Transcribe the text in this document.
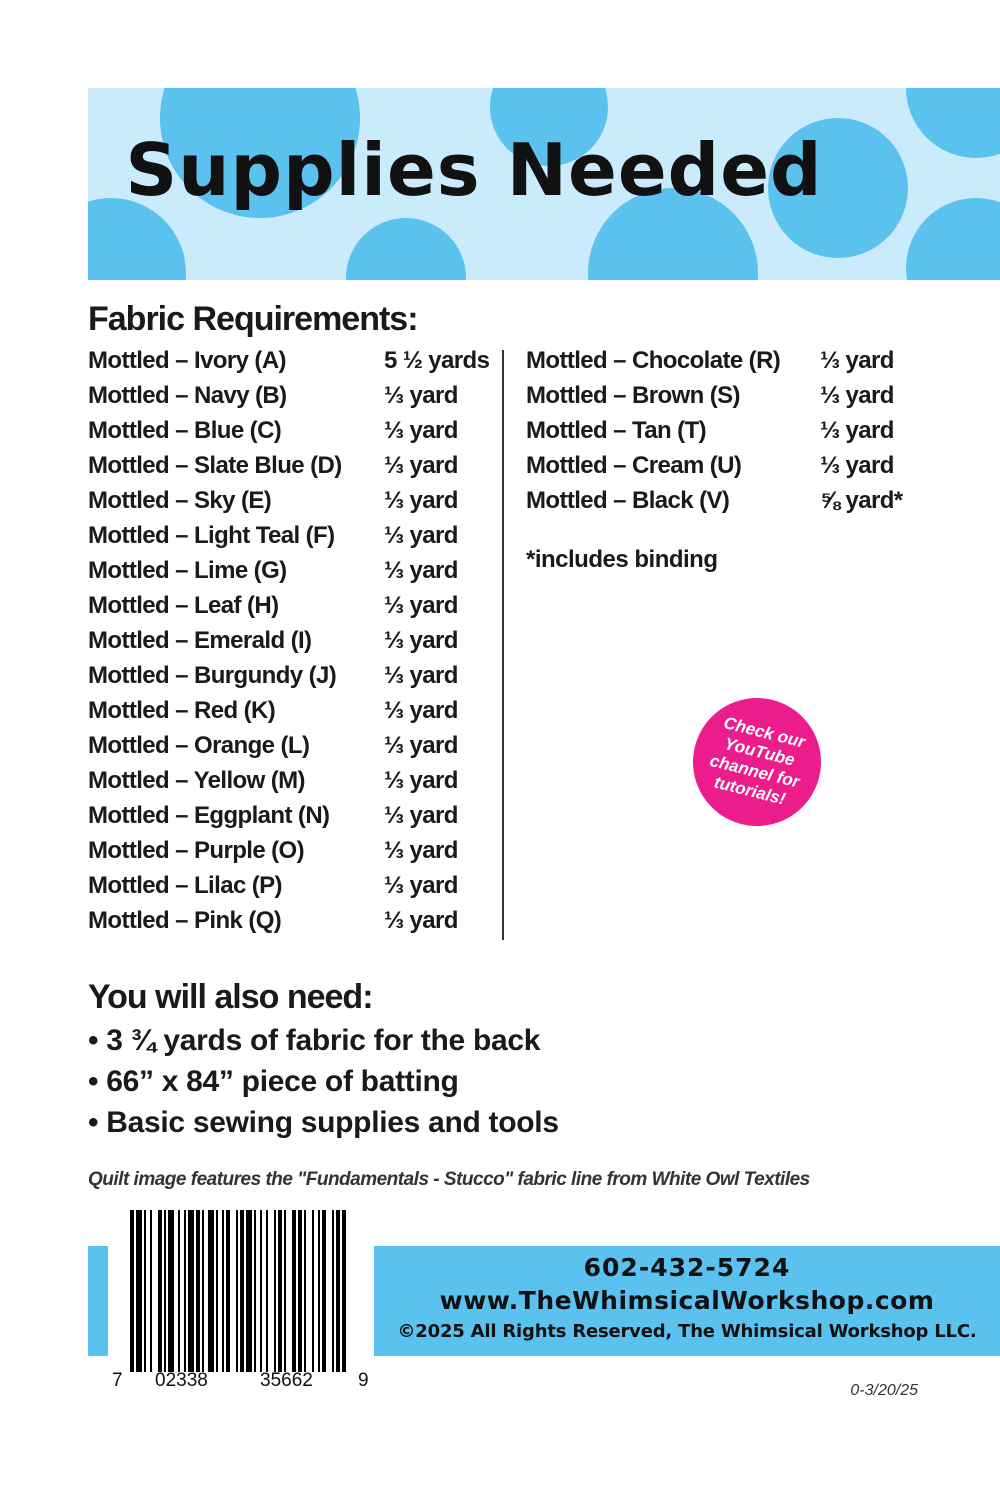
Supplies Needed
Fabric Requirements:
Mottled – Ivory (A)	5 ½ yards
Mottled – Navy (B)	⅓ yard
Mottled – Blue (C)	⅓ yard
Mottled – Slate Blue (D) ⅓ yard
Mottled – Sky (E)	⅓ yard
Mottled – Light Teal (F) ⅓ yard
Mottled – Lime (G)	⅓ yard
Mottled – Leaf (H)	⅓ yard
Mottled – Emerald (I)	⅓ yard
Mottled – Burgundy (J) ⅓ yard
Mottled – Red (K)	⅓ yard
Mottled – Orange (L)	⅓ yard
Mottled – Yellow (M)	⅓ yard
Mottled – Eggplant (N) ⅓ yard
Mottled – Purple (O)	⅓ yard
Mottled – Lilac (P)	⅓ yard
Mottled – Pink (Q)	⅓ yard
Mottled – Chocolate (R) ⅓ yard
Mottled – Brown (S)	⅓ yard
Mottled – Tan (T)	⅓ yard
Mottled – Cream (U)	⅓ yard
Mottled – Black (V)	⅝ yard*
*includes binding
Check our YouTube channel for tutorials!
You will also need:
• 3 ¾ yards of fabric for the back
• 66” x 84” piece of batting
• Basic sewing supplies and tools
Quilt image features the "Fundamentals - Stucco" fabric line from White Owl Textiles
7 02338	35662 9
602-432-5724
www.TheWhimsicalWorkshop.com
©2025 All Rights Reserved, The Whimsical Workshop LLC.
0-3/20/25
